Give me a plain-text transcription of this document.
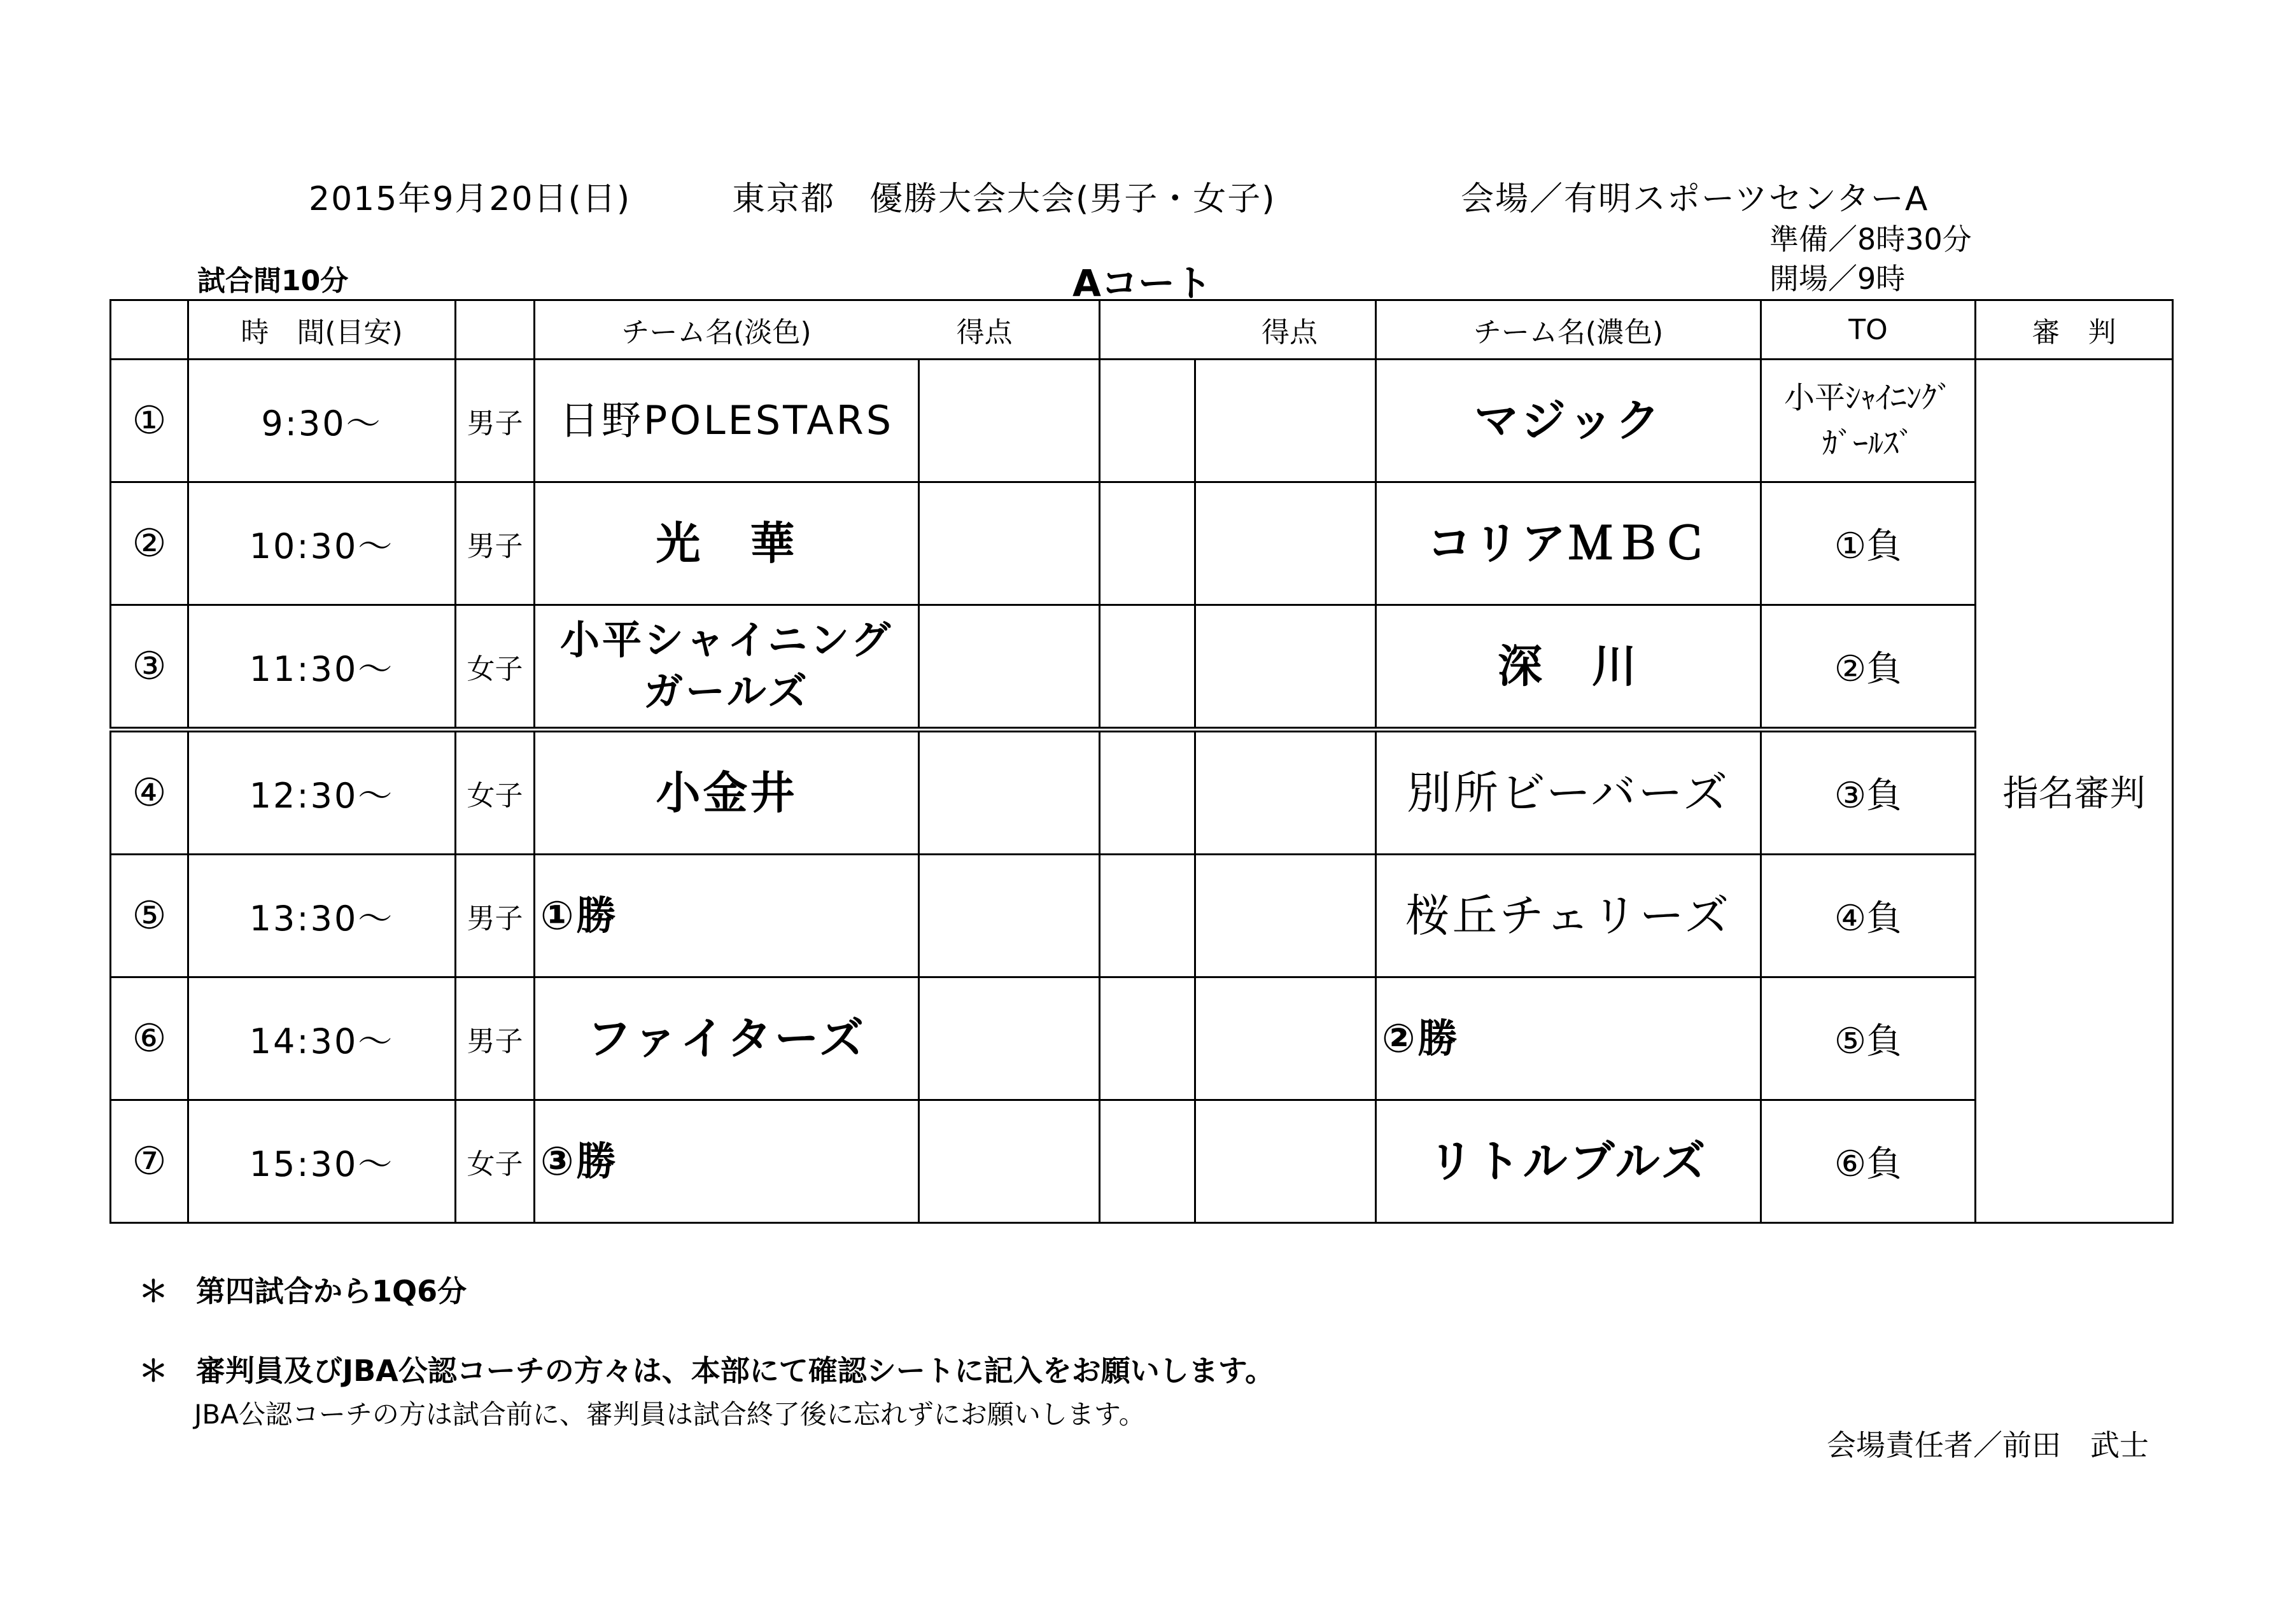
2015年9月20日(日)	東京都　優勝大会大会(男子・女子)	会場／有明スポーツセンターA
準備／8時30分
開場／9時
試合間10分	Aコート
	時　間(目安)		チーム名(淡色) 得点		得点		チーム名(濃色)	TO	審　判
①	9:30〜	男子	日野POLESTARS				マジック	小平ｼｬｲﾆﾝｸﾞｶﾞｰﾙｽﾞ	指名審判
②	10:30〜	男子	光　華				コリアＭＢＣ	①負	
③	11:30〜	女子	小平シャイニングガールズ				深　川	②負	
④	12:30〜	女子	小金井				別所ビーバーズ	③負	
⑤	13:30〜	男子	①勝				桜丘チェリーズ	④負	
⑥	14:30〜	男子	ファイターズ				②勝	⑤負	
⑦	15:30〜	女子	③勝				リトルブルズ	⑥負	
＊ 第四試合から1Q6分
＊ 審判員及びJBA公認コーチの方々は、本部にて確認シートに記入をお願いします。
JBA公認コーチの方は試合前に、審判員は試合終了後に忘れずにお願いします。
会場責任者／前田　武士
